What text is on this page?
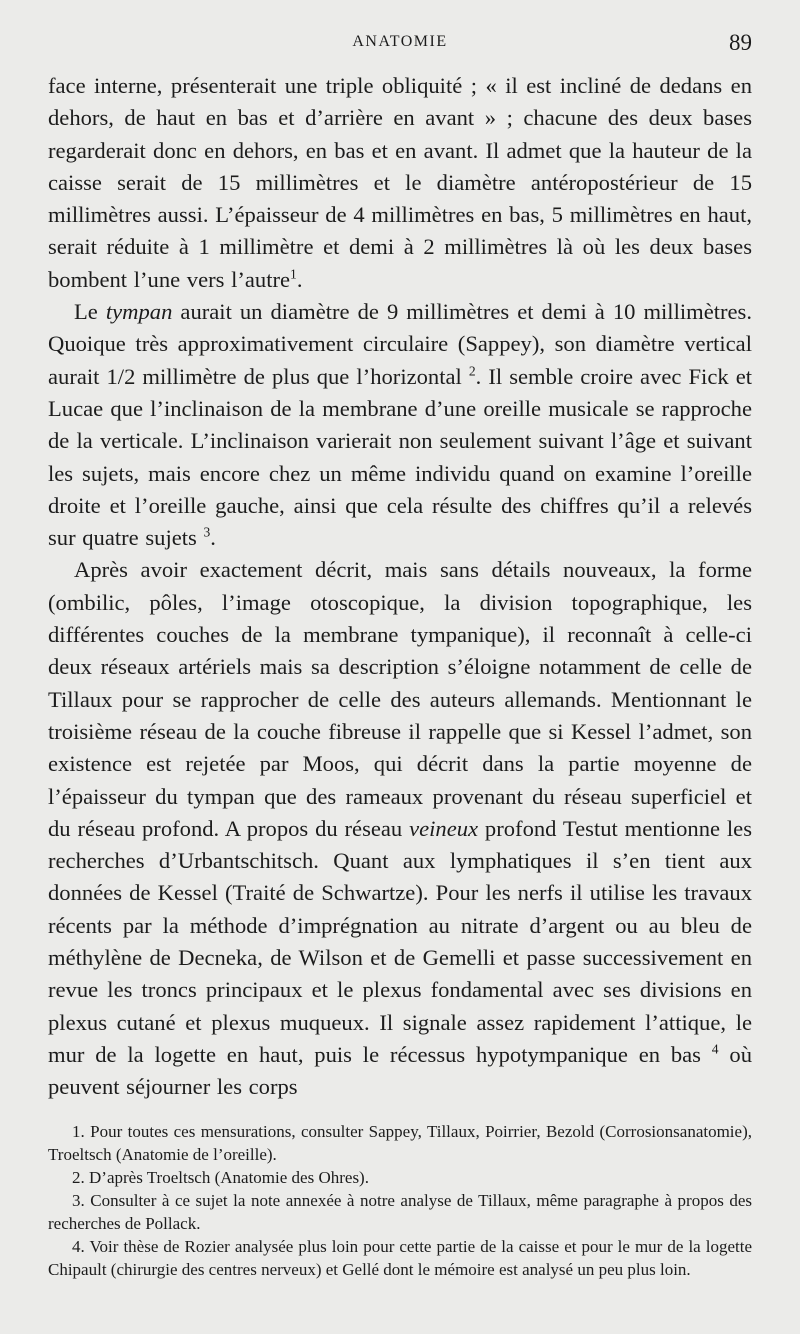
ANATOMIE	89

face interne, présenterait une triple obliquité ; « il est incliné de dedans en dehors, de haut en bas et d’arrière en avant » ; chacune des deux bases regarderait donc en dehors, en bas et en avant. Il admet que la hauteur de la caisse serait de 15 millimètres et le diamètre antéropostérieur de 15 millimètres aussi. L’épaisseur de 4 millimètres en bas, 5 millimètres en haut, serait réduite à 1 millimètre et demi à 2 millimètres là où les deux bases bombent l’une vers l’autre$^1$.

Le tympan aurait un diamètre de 9 millimètres et demi à 10 millimètres. Quoique très approximativement circulaire (Sappey), son diamètre vertical aurait 1/2 millimètre de plus que l’horizontal $^2$. Il semble croire avec Fick et Lucae que l’inclinaison de la membrane d’une oreille musicale se rapproche de la verticale. L’inclinaison varierait non seulement suivant l’âge et suivant les sujets, mais encore chez un même individu quand on examine l’oreille droite et l’oreille gauche, ainsi que cela résulte des chiffres qu’il a relevés sur quatre sujets $^3$.

Après avoir exactement décrit, mais sans détails nouveaux, la forme (ombilic, pôles, l’image otoscopique, la division topographique, les différentes couches de la membrane tympanique), il reconnaît à celle-ci deux réseaux artériels mais sa description s’éloigne notamment de celle de Tillaux pour se rapprocher de celle des auteurs allemands. Mentionnant le troisième réseau de la couche fibreuse il rappelle que si Kessel l’admet, son existence est rejetée par Moos, qui décrit dans la partie moyenne de l’épaisseur du tympan que des rameaux provenant du réseau superficiel et du réseau profond. A propos du réseau veineux profond Testut mentionne les recherches d’Urbantschitsch. Quant aux lymphatiques il s’en tient aux données de Kessel (Traité de Schwartze). Pour les nerfs il utilise les travaux récents par la méthode d’imprégnation au nitrate d’argent ou au bleu de méthylène de Decneka, de Wilson et de Gemelli et passe successivement en revue les troncs principaux et le plexus fondamental avec ses divisions en plexus cutané et plexus muqueux. Il signale assez rapidement l’attique, le mur de la logette en haut, puis le récessus hypotympanique en bas $^4$ où peuvent séjourner les corps

1. Pour toutes ces mensurations, consulter Sappey, Tillaux, Poirrier, Bezold (Corrosionsanatomie), Troeltsch (Anatomie de l’oreille).

2. D’après Troeltsch (Anatomie des Ohres).

3. Consulter à ce sujet la note annexée à notre analyse de Tillaux, même paragraphe à propos des recherches de Pollack.

4. Voir thèse de Rozier analysée plus loin pour cette partie de la caisse et pour le mur de la logette Chipault (chirurgie des centres nerveux) et Gellé dont le mémoire est analysé un peu plus loin.
